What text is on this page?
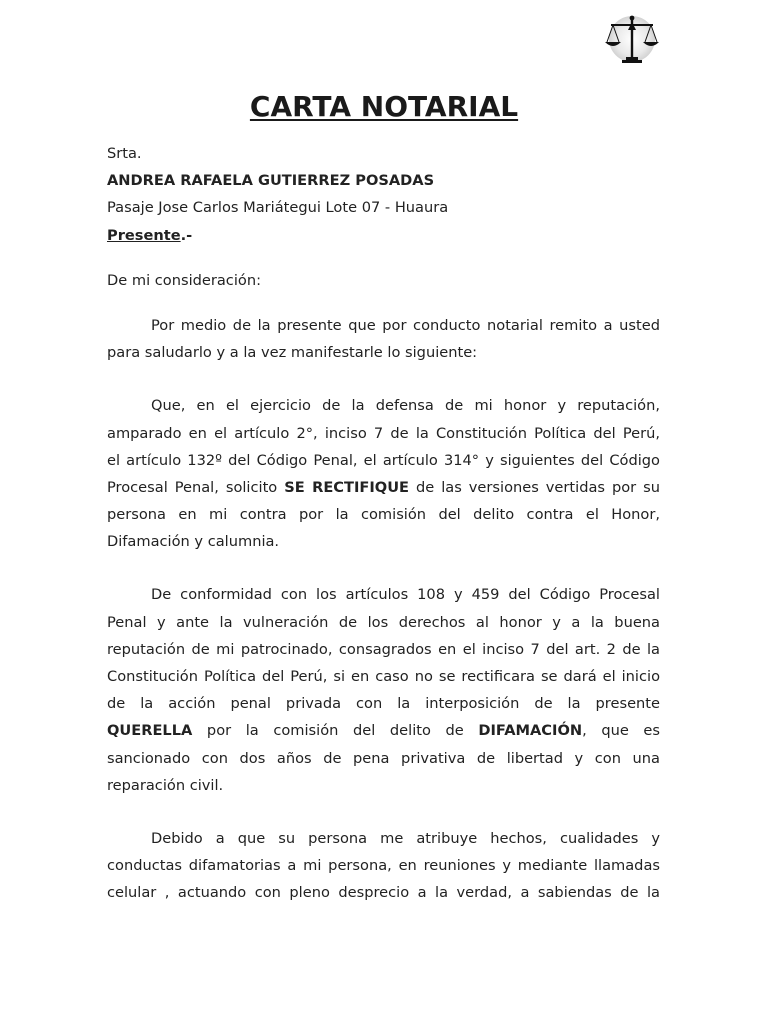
CARTA NOTARIAL
Srta.
ANDREA RAFAELA GUTIERREZ POSADAS
Pasaje Jose Carlos Mariátegui Lote 07 - Huaura
Presente.-
De mi consideración:
Por medio de la presente que por conducto notarial remito a usted
para saludarlo y a la vez manifestarle lo siguiente:
Que, en el ejercicio de la defensa de mi honor y reputación,
amparado en el artículo 2°, inciso 7 de la Constitución Política del Perú,
el artículo 132º del Código Penal, el artículo 314° y siguientes del Código
Procesal Penal, solicito SE RECTIFIQUE de las versiones vertidas por su
persona en mi contra por la comisión del delito contra el Honor,
Difamación y calumnia.
De conformidad con los artículos 108 y 459 del Código Procesal
Penal y ante la vulneración de los derechos al honor y a la buena
reputación de mi patrocinado, consagrados en el inciso 7 del art. 2 de la
Constitución Política del Perú, si en caso no se rectificara se dará el inicio
de la acción penal privada con la interposición de la presente
QUERELLA por la comisión del delito de DIFAMACIÓN, que es
sancionado con dos años de pena privativa de libertad y con una
reparación civil.
Debido a que su persona me atribuye hechos, cualidades y
conductas difamatorias a mi persona, en reuniones y mediante llamadas
celular , actuando con pleno desprecio a la verdad, a sabiendas de la
